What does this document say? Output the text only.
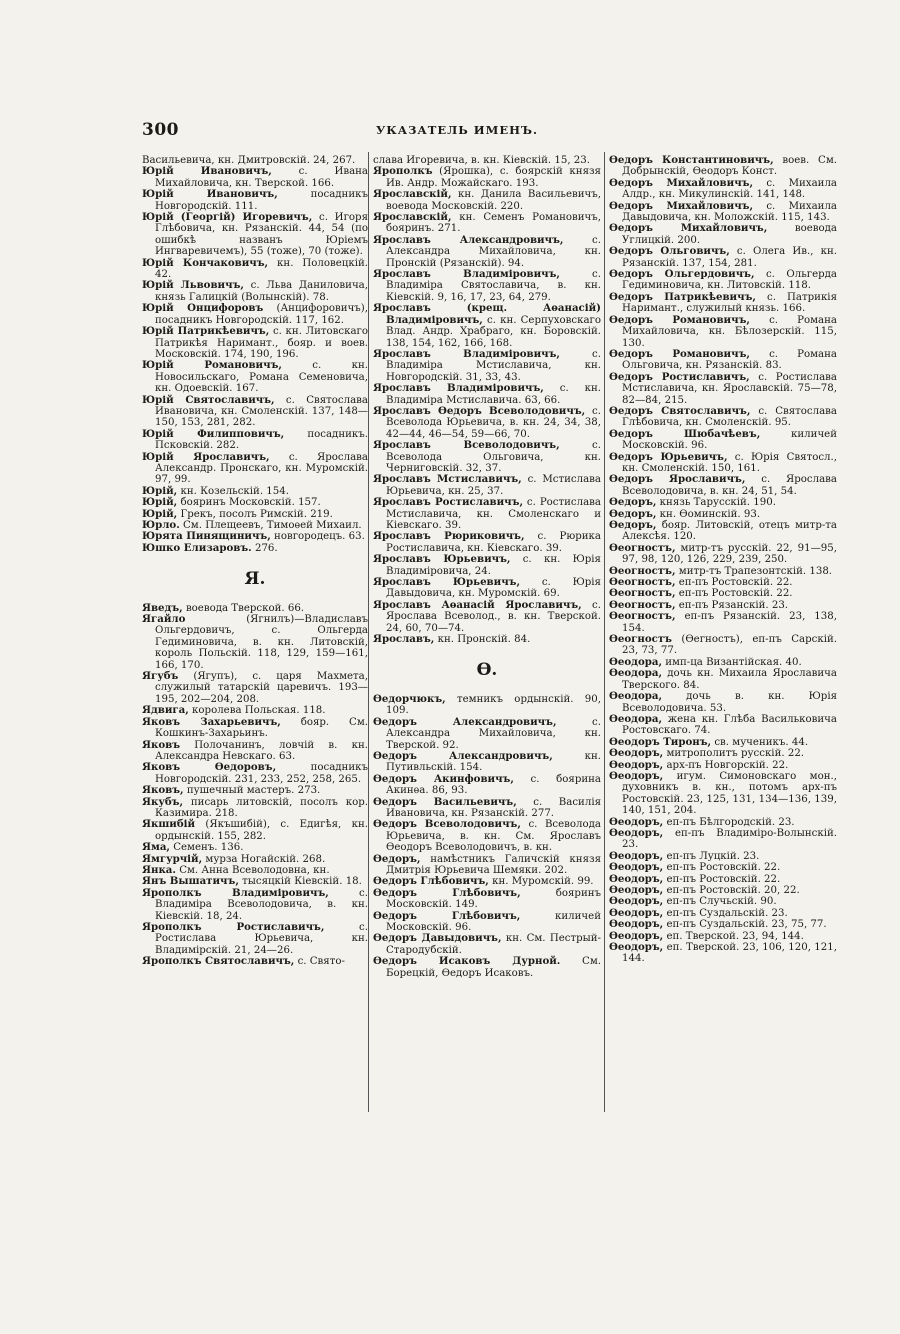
300	УКАЗАТЕЛЬ ИМЕНЪ.

Васильевича, кн. Дмитровскій. 24, 267.

Юрій Ивановичъ, с. Ивана Михайловича, кн. Тверской. 166.

Юрій Ивановичъ, посадникъ Новгородскій. 111.

Юрій (Георгій) Игоревичъ, с. Игоря Глѣбовича, кн. Рязанскій. 44, 54 (по ошибкѣ названъ Юріемъ Ингваревичемъ), 55 (тоже), 70 (тоже).

Юрій Кончаковичъ, кн. Половецкій. 42.

Юрій Львовичъ, с. Льва Даниловича, князь Галицкій (Волынскій). 78.

Юрій Онцифоровъ (Анцифоровичъ), посадникъ Новгородскій. 117, 162.

Юрій Патрикѣевичъ, с. кн. Литовскаго Патрикѣя Наримант., бояр. и воев. Московскій. 174, 190, 196.

Юрій Романовичъ, с. кн. Новосильскаго, Романа Семеновича, кн. Одоевскій. 167.

Юрій Святославичъ, с. Святослава Ивановича, кн. Смоленскій. 137, 148—150, 153, 281, 282.

Юрій Филипповичъ, посадникъ. Псковскій. 282.

Юрій Ярославичъ, с. Ярослава Александр. Пронскаго, кн. Муромскій. 97, 99.

Юрій, кн. Козельскій. 154.

Юрій, бояринъ Московскій. 157.

Юрій, Грекъ, посолъ Римскій. 219.

Юрло. См. Плещеевъ, Тимоѳей Михаил.

Юрята Пинящиничъ, новгородецъ. 63.

Юшко Елизаровъ. 276.

Я.

Яведъ, воевода Тверской. 66.

Ягайло (Ягнилъ)—Владиславъ Ольгердовичъ, с. Ольгерда Гедиминовича, в. кн. Литовскій, король Польскій. 118, 129, 159—161, 166, 170.

Ягубъ (Ягупъ), с. царя Махмета, служилый татарскій царевичъ. 193—195, 202—204, 208.

Ядвига, королева Польская. 118.

Яковъ Захарьевичъ, бояр. См. Кошкинъ-Захарьинъ.

Яковъ Полочанинъ, ловчій в. кн. Александра Невскаго. 63.

Яковъ Ѳедоровъ, посадникъ Новгородскій. 231, 233, 252, 258, 265.

Яковъ, пушечный мастеръ. 273.

Якубъ, писарь литовскій, посолъ кор. Казимира. 218.

Якшибій (Якъшибій), с. Едигѣя, кн. ордынскій. 155, 282.

Яма, Семенъ. 136.

Ямгурчій, мурза Ногайскій. 268.

Янка. См. Анна Всеволодовна, кн.

Янъ Вышатичъ, тысяцкій Кіевскій. 18.

Ярополкъ Владиміровичъ, с. Владиміра Всеволодовича, в. кн. Кіевскій. 18, 24.

Ярополкъ Ростиславичъ, с. Ростислава Юрьевича, кн. Владимірскій. 21, 24—26.

Ярополкъ Святославичъ, с. Свято-

слава Игоревича, в. кн. Кіевскій. 15, 23.

Ярополкъ (Ярошка), с. боярскій князя Ив. Андр. Можайскаго. 193.

Ярославскій, кн. Данила Васильевичъ, воевода Московскій. 220.

Ярославскій, кн. Семенъ Романовичъ, бояринъ. 271.

Ярославъ Александровичъ, с. Александра Михайловича, кн. Пронскій (Рязанскій). 94.

Ярославъ Владиміровичъ, с. Владиміра Святославича, в. кн. Кіевскій. 9, 16, 17, 23, 64, 279.

Ярославъ (крещ. Аѳанасій) Владиміровичъ, с. кн. Серпуховскаго Влад. Андр. Храбраго, кн. Боровскій. 138, 154, 162, 166, 168.

Ярославъ Владиміровичъ, с. Владиміра Мстиславича, кн. Новгородскій. 31, 33, 43.

Ярославъ Владиміровичъ, с. кн. Владиміра Мстиславича. 63, 66.

Ярославъ Ѳедоръ Всеволодовичъ, с. Всеволода Юрьевича, в. кн. 24, 34, 38, 42—44, 46—54, 59—66, 70.

Ярославъ Всеволодовичъ, с. Всеволода Ольговича, кн. Черниговскій. 32, 37.

Ярославъ Мстиславичъ, с. Мстислава Юрьевича, кн. 25, 37.

Ярославъ Ростиславичъ, с. Ростислава Мстиславича, кн. Смоленскаго и Кіевскаго. 39.

Ярославъ Рюриковичъ, с. Рюрика Ростиславича, кн. Кіевскаго. 39.

Ярославъ Юрьевичъ, с. кн. Юрія Владиміровича, 24.

Ярославъ Юрьевичъ, с. Юрія Давыдовича, кн. Муромскій. 69.

Ярославъ Аѳанасій Ярославичъ, с. Ярослава Всеволод., в. кн. Тверской. 24, 60, 70—74.

Ярославъ, кн. Пронскій. 84.

Ѳ.

Ѳедорчюкъ, темникъ ордынскій. 90, 109.

Ѳедоръ Александровичъ, с. Александра Михайловича, кн. Тверской. 92.

Ѳедоръ Александровичъ, кн. Путивльскій. 154.

Ѳедоръ Акинфовичъ, с. боярина Акинѳа. 86, 93.

Ѳедоръ Васильевичъ, с. Василія Ивановича, кн. Рязанскій. 277.

Ѳедоръ Всеволодовичъ, с. Всеволода Юрьевича, в. кн. См. Ярославъ Ѳеодоръ Всеволодовичъ, в. кн.

Ѳедоръ, намѣстникъ Галичскій князя Дмитрія Юрьевича Шемяки. 202.

Ѳедоръ Глѣбовичъ, кн. Муромскій. 99.

Ѳедоръ Глѣбовичъ, бояринъ Московскій. 149.

Ѳедоръ Глѣбовичъ, киличей Московскій. 96.

Ѳедоръ Давыдовичъ, кн. См. Пестрый-Стародубскій.

Ѳедоръ Исаковъ Дурной. См. Борецкій, Ѳедоръ Исаковъ.

Ѳедоръ Константиновичъ, воев. См. Добрынскій, Ѳеодоръ Конст.

Ѳедоръ Михайловичъ, с. Михаила Алдр., кн. Микулинскій. 141, 148.

Ѳедоръ Михайловичъ, с. Михаила Давыдовича, кн. Моложскій. 115, 143.

Ѳедоръ Михайловичъ, воевода Углицкій. 200.

Ѳедоръ Ольговичъ, с. Олега Ив., кн. Рязанскій. 137, 154, 281.

Ѳедоръ Ольгердовичъ, с. Ольгерда Гедиминовича, кн. Литовскій. 118.

Ѳедоръ Патрикѣевичъ, с. Патрикія Наримант., служилый князь. 166.

Ѳедоръ Романовичъ, с. Романа Михайловича, кн. Бѣлозерскій. 115, 130.

Ѳедоръ Романовичъ, с. Романа Ольговича, кн. Рязанскій. 83.

Ѳедоръ Ростиславичъ, с. Ростислава Мстиславича, кн. Ярославскій. 75—78, 82—84, 215.

Ѳедоръ Святославичъ, с. Святослава Глѣбовича, кн. Смоленскій. 95.

Ѳедоръ Шюбачѣевъ, киличей Московскій. 96.

Ѳедоръ Юрьевичъ, с. Юрія Святосл., кн. Смоленскій. 150, 161.

Ѳедоръ Ярославичъ, с. Ярослава Всеволодовича, в. кн. 24, 51, 54.

Ѳедоръ, князь Тарусскій. 190.

Ѳедоръ, кн. Ѳоминскій. 93.

Ѳедоръ, бояр. Литовскій, отецъ митр-та Алексѣя. 120.

Ѳеогностъ, митр-тъ русскій. 22, 91—95, 97, 98, 120, 126, 229, 239, 250.

Ѳеогностъ, митр-тъ Трапезонтскій. 138.

Ѳеогностъ, еп-пъ Ростовскій. 22.

Ѳеогностъ, еп-пъ Ростовскій. 22.

Ѳеогностъ, еп-пъ Рязанскій. 23.

Ѳеогностъ, еп-пъ Рязанскій. 23, 138, 154.

Ѳеогностъ (Ѳегностъ), еп-пъ Сарскій. 23, 73, 77.

Ѳеодора, имп-ца Византійская. 40.

Ѳеодора, дочь кн. Михаила Ярославича Тверского. 84.

Ѳеодора, дочь в. кн. Юрія Всеволодовича. 53.

Ѳеодора, жена кн. Глѣба Васильковича Ростовскаго. 74.

Ѳеодоръ Тиронъ, св. мученикъ. 44.

Ѳеодоръ, митрополитъ русскій. 22.

Ѳеодоръ, арх-пъ Новгорскій. 22.

Ѳеодоръ, игум. Симоновскаго мон., духовникъ в. кн., потомъ арх-пъ Ростовскій. 23, 125, 131, 134—136, 139, 140, 151, 204.

Ѳеодоръ, еп-пъ Бѣлгородскій. 23.

Ѳеодоръ, еп-пъ Владиміро-Волынскій. 23.

Ѳеодоръ, еп-пъ Луцкій. 23.

Ѳеодоръ, еп-пъ Ростовскій. 22.

Ѳеодоръ, еп-пъ Ростовскій. 22.

Ѳеодоръ, еп-пъ Ростовскій. 20, 22.

Ѳеодоръ, еп-пъ Случьскій. 90.

Ѳеодоръ, еп-пъ Суздальскій. 23.

Ѳеодоръ, еп-пъ Суздальскій. 23, 75, 77.

Ѳеодоръ, еп. Тверской. 23, 94, 144.

Ѳеодоръ, еп. Тверской. 23, 106, 120, 121, 144.
